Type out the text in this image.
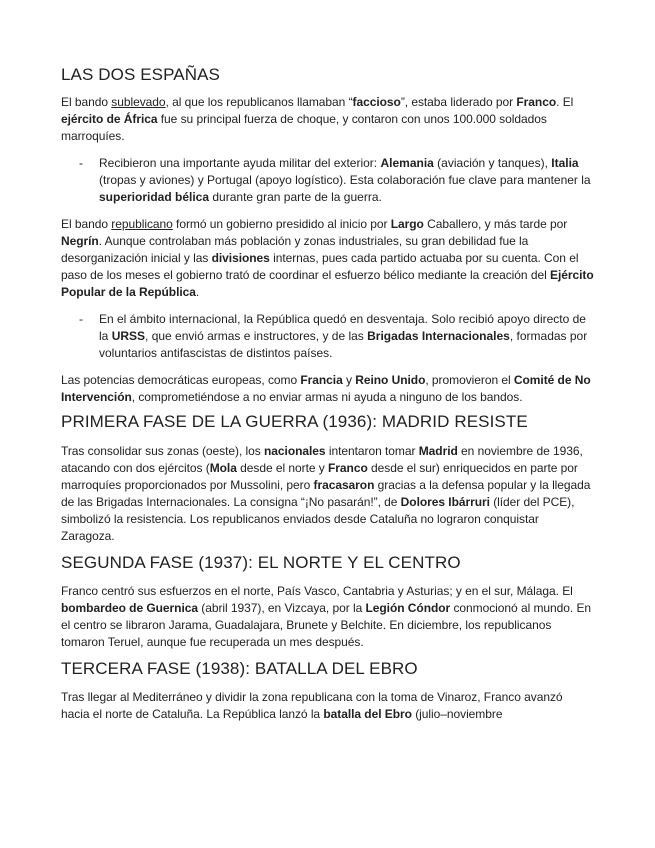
LAS DOS ESPAÑAS

El bando sublevado, al que los republicanos llamaban “faccioso”, estaba liderado por Franco. El ejército de África fue su principal fuerza de choque, y contaron con unos 100.000 soldados marroquíes.

- Recibieron una importante ayuda militar del exterior: Alemania (aviación y tanques), Italia (tropas y aviones) y Portugal (apoyo logístico). Esta colaboración fue clave para mantener la superioridad bélica durante gran parte de la guerra.

El bando republicano formó un gobierno presidido al inicio por Largo Caballero, y más tarde por Negrín. Aunque controlaban más población y zonas industriales, su gran debilidad fue la desorganización inicial y las divisiones internas, pues cada partido actuaba por su cuenta. Con el paso de los meses el gobierno trató de coordinar el esfuerzo bélico mediante la creación del Ejército Popular de la República.

- En el ámbito internacional, la República quedó en desventaja. Solo recibió apoyo directo de la URSS, que envió armas e instructores, y de las Brigadas Internacionales, formadas por voluntarios antifascistas de distintos países.

Las potencias democráticas europeas, como Francia y Reino Unido, promovieron el Comité de No Intervención, comprometiéndose a no enviar armas ni ayuda a ninguno de los bandos.

PRIMERA FASE DE LA GUERRA (1936): MADRID RESISTE

Tras consolidar sus zonas (oeste), los nacionales intentaron tomar Madrid en noviembre de 1936, atacando con dos ejércitos (Mola desde el norte y Franco desde el sur) enriquecidos en parte por marroquíes proporcionados por Mussolini, pero fracasaron gracias a la defensa popular y la llegada de las Brigadas Internacionales. La consigna “¡No pasarán!”, de Dolores Ibárruri (líder del PCE), simbolizó la resistencia. Los republicanos enviados desde Cataluña no lograron conquistar Zaragoza.

SEGUNDA FASE (1937): EL NORTE Y EL CENTRO

Franco centró sus esfuerzos en el norte, País Vasco, Cantabria y Asturias; y en el sur, Málaga. El bombardeo de Guernica (abril 1937), en Vizcaya, por la Legión Cóndor conmocionó al mundo. En el centro se libraron Jarama, Guadalajara, Brunete y Belchite. En diciembre, los republicanos tomaron Teruel, aunque fue recuperada un mes después.

TERCERA FASE (1938): BATALLA DEL EBRO

Tras llegar al Mediterráneo y dividir la zona republicana con la toma de Vinaroz, Franco avanzó hacia el norte de Cataluña. La República lanzó la batalla del Ebro (julio–noviembre
